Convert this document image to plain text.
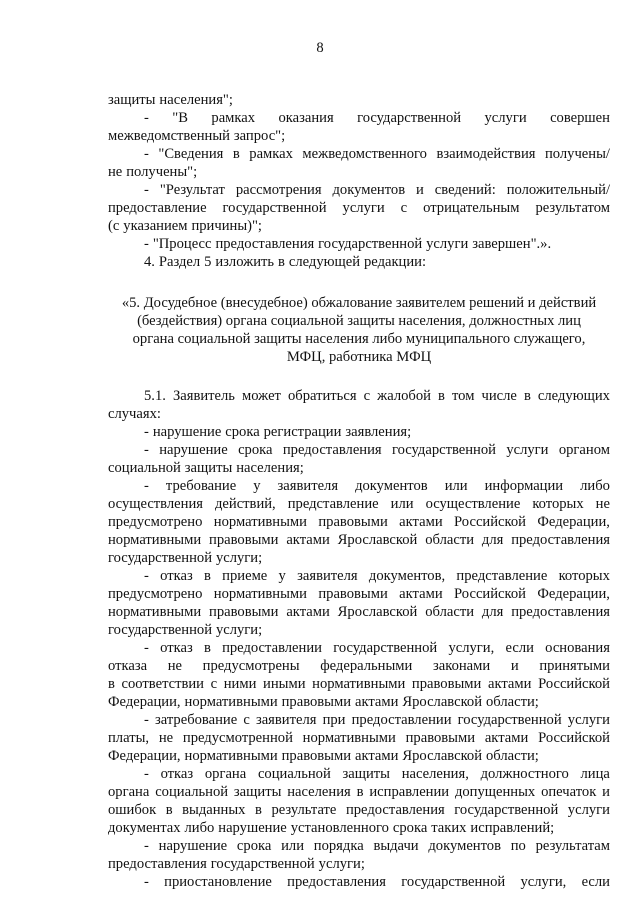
8
защиты населения";
- "В рамках оказания государственной услуги совершен
межведомственный запрос";
- "Сведения в рамках межведомственного взаимодействия получены/
не получены";
- "Результат рассмотрения документов и сведений: положительный/
предоставление государственной услуги с отрицательным результатом
(с указанием причины)";
- "Процесс предоставления государственной услуги завершен".».
4. Раздел 5 изложить в следующей редакции:
«5. Досудебное (внесудебное) обжалование заявителем решений и действий
(бездействия) органа социальной защиты населения, должностных лиц
органа социальной защиты населения либо муниципального служащего,
МФЦ, работника МФЦ
5.1. Заявитель может обратиться с жалобой в том числе в следующих
случаях:
- нарушение срока регистрации заявления;
- нарушение срока предоставления государственной услуги органом
социальной защиты населения;
- требование у заявителя документов или информации либо
осуществления действий, представление или осуществление которых не
предусмотрено нормативными правовыми актами Российской Федерации,
нормативными правовыми актами Ярославской области для предоставления
государственной услуги;
- отказ в приеме у заявителя документов, представление которых
предусмотрено нормативными правовыми актами Российской Федерации,
нормативными правовыми актами Ярославской области для предоставления
государственной услуги;
- отказ в предоставлении государственной услуги, если основания
отказа не предусмотрены федеральными законами и принятыми
в соответствии с ними иными нормативными правовыми актами Российской
Федерации, нормативными правовыми актами Ярославской области;
- затребование с заявителя при предоставлении государственной услуги
платы, не предусмотренной нормативными правовыми актами Российской
Федерации, нормативными правовыми актами Ярославской области;
- отказ органа социальной защиты населения, должностного лица
органа социальной защиты населения в исправлении допущенных опечаток и
ошибок в выданных в результате предоставления государственной услуги
документах либо нарушение установленного срока таких исправлений;
- нарушение срока или порядка выдачи документов по результатам
предоставления государственной услуги;
- приостановление предоставления государственной услуги, если
